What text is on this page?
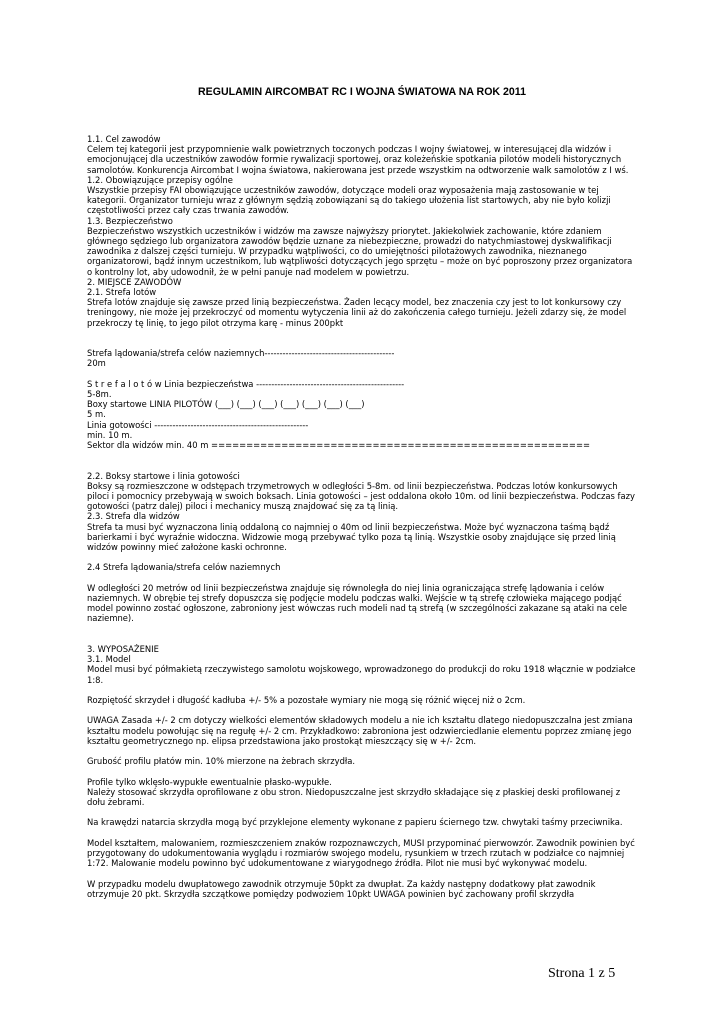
REGULAMIN AIRCOMBAT RC I WOJNA ŚWIATOWA NA ROK 2011

1.1. Cel zawodów

Celem tej kategorii jest przypomnienie walk powietrznych toczonych podczas I wojny światowej, w interesującej dla widzów i emocjonującej dla uczestników zawodów formie rywalizacji sportowej, oraz koleżeńskie spotkania pilotów modeli historycznych samolotów. Konkurencja Aircombat I wojna światowa, nakierowana jest przede wszystkim na odtworzenie walk samolotów z I wś.

1.2. Obowiązujące przepisy ogólne

Wszystkie przepisy FAI obowiązujące uczestników zawodów, dotyczące modeli oraz wyposażenia mają zastosowanie w tej kategorii. Organizator turnieju wraz z głównym sędzią zobowiązani są do takiego ułożenia list startowych, aby nie było kolizji częstotliwości przez cały czas trwania zawodów.

1.3. Bezpieczeństwo

Bezpieczeństwo wszystkich uczestników i widzów ma zawsze najwyższy priorytet. Jakiekolwiek zachowanie, które zdaniem głównego sędziego lub organizatora zawodów będzie uznane za niebezpieczne, prowadzi do natychmiastowej dyskwalifikacji zawodnika z dalszej części turnieju. W przypadku wątpliwości, co do umiejętności pilotażowych zawodnika, nieznanego organizatorowi, bądź innym uczestnikom, lub wątpliwości dotyczących jego sprzętu – może on być poproszony przez organizatora o kontrolny lot, aby udowodnił, że w pełni panuje nad modelem w powietrzu.

2. MIEJSCE ZAWODÓW

2.1. Strefa lotów

Strefa lotów znajduje się zawsze przed linią bezpieczeństwa. Żaden lecący model, bez znaczenia czy jest to lot konkursowy czy treningowy, nie może jej przekroczyć od momentu wytyczenia linii aż do zakończenia całego turnieju. Jeżeli zdarzy się, że model przekroczy tę linię, to jego pilot otrzyma karę - minus 200pkt

Strefa lądowania/strefa celów naziemnych-------------------------------------------

20m

S t r e f a l o t ó w Linia bezpieczeństwa -------------------------------------------------

5-8m.

Boxy startowe LINIA PILOTÓW (___) (___) (___) (___) (___) (___) (___)

5 m.

Linia gotowości ---------------------------------------------------

min. 10 m.

Sektor dla widzów min. 40 m ======================================================

2.2. Boksy startowe i linia gotowości

Boksy są rozmieszczone w odstępach trzymetrowych w odległości 5-8m. od linii bezpieczeństwa. Podczas lotów konkursowych piloci i pomocnicy przebywają w swoich boksach. Linia gotowości – jest oddalona około 10m. od linii bezpieczeństwa. Podczas fazy gotowości (patrz dalej) piloci i mechanicy muszą znajdować się za tą linią.

2.3. Strefa dla widzów

Strefa ta musi być wyznaczona linią oddaloną co najmniej o 40m od linii bezpieczeństwa. Może być wyznaczona taśmą bądź barierkami i być wyraźnie widoczna. Widzowie mogą przebywać tylko poza tą linią. Wszystkie osoby znajdujące się przed linią widzów powinny mieć założone kaski ochronne.

2.4 Strefa lądowania/strefa celów naziemnych

W odległości 20 metrów od linii bezpieczeństwa znajduje się równoległa do niej linia ograniczająca strefę lądowania i celów naziemnych. W obrębie tej strefy dopuszcza się podjęcie modelu podczas walki. Wejście w tą strefę człowieka mającego podjąć model powinno zostać ogłoszone, zabroniony jest wówczas ruch modeli nad tą strefą (w szczególności zakazane są ataki na cele naziemne).

3. WYPOSAŻENIE

3.1. Model

Model musi być półmakietą rzeczywistego samolotu wojskowego, wprowadzonego do produkcji do roku 1918 włącznie w podziałce 1:8.

Rozpiętość skrzydeł i długość kadłuba +/- 5% a pozostałe wymiary nie mogą się różnić więcej niż o 2cm.

UWAGA Zasada +/- 2 cm dotyczy wielkości elementów składowych modelu a nie ich kształtu dlatego niedopuszczalna jest zmiana kształtu modelu powołując się na regułę +/- 2 cm. Przykładkowo: zabroniona jest odzwierciedlanie elementu poprzez zmianę jego kształtu geometrycznego np. elipsa przedstawiona jako prostokąt mieszczący się w +/- 2cm.

Grubość profilu płatów min. 10% mierzone na żebrach skrzydła.

Profile tylko wklęsło-wypukłe ewentualnie płasko-wypukłe.

Należy stosować skrzydła oprofilowane z obu stron. Niedopuszczalne jest skrzydło składające się z płaskiej deski profilowanej z dołu żebrami.

Na krawędzi natarcia skrzydła mogą być przyklejone elementy wykonane z papieru ściernego tzw. chwytaki taśmy przeciwnika.

Model kształtem, malowaniem, rozmieszczeniem znaków rozpoznawczych, MUSI przypominać pierwowzór. Zawodnik powinien być przygotowany do udokumentowania wyglądu i rozmiarów swojego modelu, rysunkiem w trzech rzutach w podziałce co najmniej 1:72. Malowanie modelu powinno być udokumentowane z wiarygodnego źródła. Pilot nie musi być wykonywać modelu.

W przypadku modelu dwupłatowego zawodnik otrzymuje 50pkt za dwupłat. Za każdy następny dodatkowy płat zawodnik otrzymuje 20 pkt. Skrzydła szczątkowe pomiędzy podwoziem 10pkt UWAGA powinien być zachowany profil skrzydła

Strona 1 z 5
